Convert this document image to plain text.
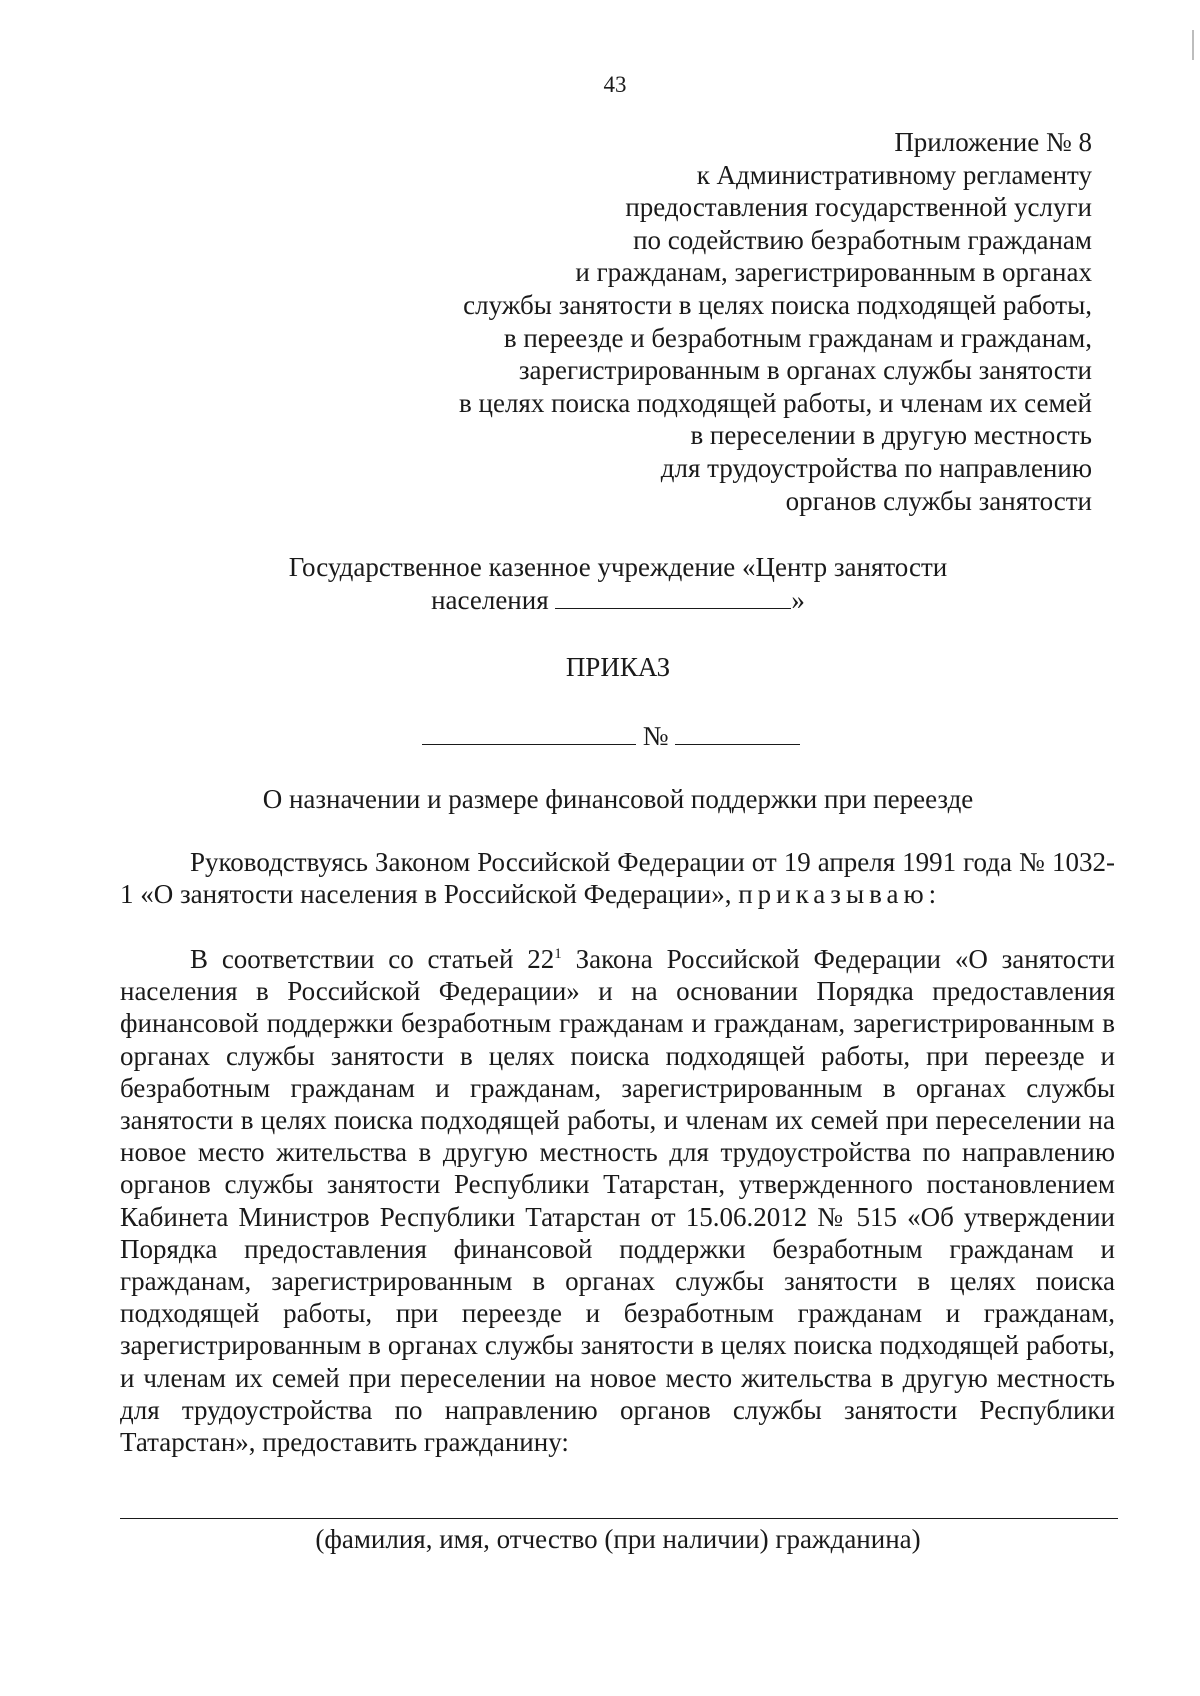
43
Приложение № 8
к Административному регламенту
предоставления государственной услуги
по содействию безработным гражданам
и гражданам, зарегистрированным в органах
службы занятости в целях поиска подходящей работы,
в переезде и безработным гражданам и гражданам,
зарегистрированным в органах службы занятости
в целях поиска подходящей работы, и членам их семей
в переселении в другую местность
для трудоустройства по направлению
органов службы занятости
Государственное казенное учреждение «Центр занятости
населения	»
ПРИКАЗ
№
О назначении и размере финансовой поддержки при переезде
Руководствуясь Законом Российской Федерации от 19 апреля 1991 года № 1032-1 «О занятости населения в Российской Федерации», приказываю:
В соответствии со статьей $22^1$ Закона Российской Федерации «О занятости населения в Российской Федерации» и на основании Порядка предоставления финансовой поддержки безработным гражданам и гражданам, зарегистрированным в органах службы занятости в целях поиска подходящей работы, при переезде и безработным гражданам и гражданам, зарегистрированным в органах службы занятости в целях поиска подходящей работы, и членам их семей при переселении на новое место жительства в другую местность для трудоустройства по направлению органов службы занятости Республики Татарстан, утвержденного постановлением Кабинета Министров Республики Татарстан от 15.06.2012 № 515 «Об утверждении Порядка предоставления финансовой поддержки безработным гражданам и гражданам, зарегистрированным в органах службы занятости в целях поиска подходящей работы, при переезде и безработным гражданам и гражданам, зарегистрированным в органах службы занятости в целях поиска подходящей работы, и членам их семей при переселении на новое место жительства в другую местность для трудоустройства по направлению органов службы занятости Республики Татарстан», предоставить гражданину:
(фамилия, имя, отчество (при наличии) гражданина)
